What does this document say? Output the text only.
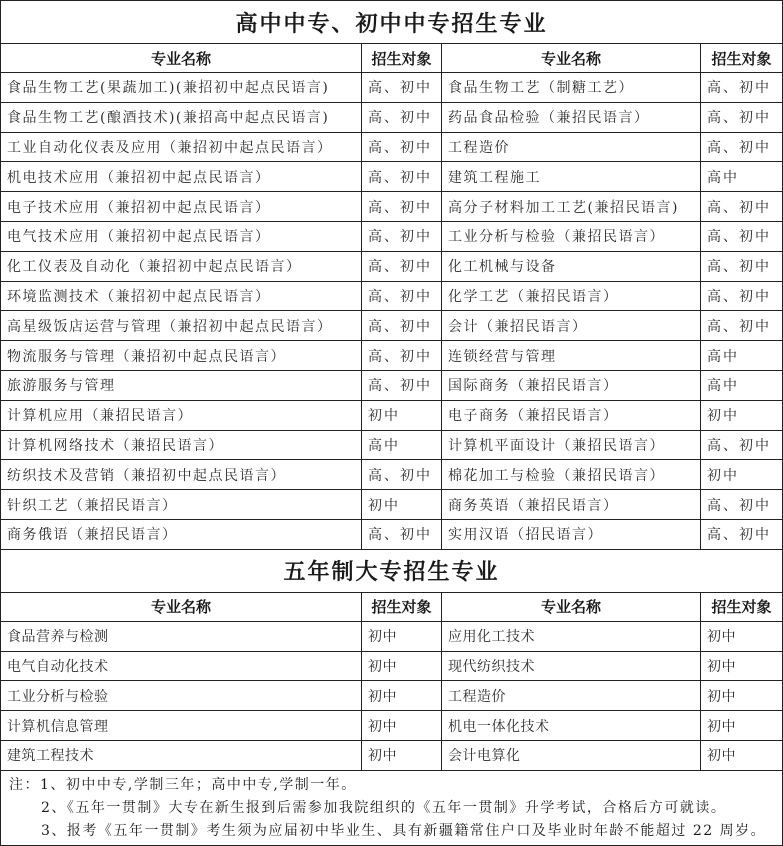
高中中专、初中中专招生专业			
专业名称	招生对象	专业名称	招生对象
食品生物工艺(果蔬加工)(兼招初中起点民语言)	高、初中	食品生物工艺（制糖工艺）	高、初中
食品生物工艺(酿酒技术)(兼招高中起点民语言)	高、初中	药品食品检验（兼招民语言）	高、初中
工业自动化仪表及应用（兼招初中起点民语言）	高、初中	工程造价	高、初中
机电技术应用（兼招初中起点民语言）	高、初中	建筑工程施工	高中
电子技术应用（兼招初中起点民语言）	高、初中	高分子材料加工工艺(兼招民语言)	高、初中
电气技术应用（兼招初中起点民语言）	高、初中	工业分析与检验（兼招民语言）	高、初中
化工仪表及自动化（兼招初中起点民语言）	高、初中	化工机械与设备	高、初中
环境监测技术（兼招初中起点民语言）	高、初中	化学工艺（兼招民语言）	高、初中
高星级饭店运营与管理（兼招初中起点民语言）	高、初中	会计（兼招民语言）	高、初中
物流服务与管理（兼招初中起点民语言）	高、初中	连锁经营与管理	高中
旅游服务与管理	高、初中	国际商务（兼招民语言）	高中
计算机应用（兼招民语言）	初中	电子商务（兼招民语言）	初中
计算机网络技术（兼招民语言）	高中	计算机平面设计（兼招民语言）	高、初中
纺织技术及营销（兼招初中起点民语言）	高、初中	棉花加工与检验（兼招民语言）	初中
针织工艺（兼招民语言）	初中	商务英语（兼招民语言）	高、初中
商务俄语（兼招民语言）	高、初中	实用汉语（招民语言）	高、初中
五年制大专招生专业			
专业名称	招生对象	专业名称	招生对象
食品营养与检测	初中	应用化工技术	初中
电气自动化技术	初中	现代纺织技术	初中
工业分析与检验	初中	工程造价	初中
计算机信息管理	初中	机电一体化技术	初中
建筑工程技术	初中	会计电算化	初中

注：1、初中中专,学制三年；高中中专,学制一年。
2、《五年一贯制》大专在新生报到后需参加我院组织的《五年一贯制》升学考试，合格后方可就读。
3、报考《五年一贯制》考生须为应届初中毕业生、具有新疆籍常住户口及毕业时年龄不能超过 22 周岁。			
